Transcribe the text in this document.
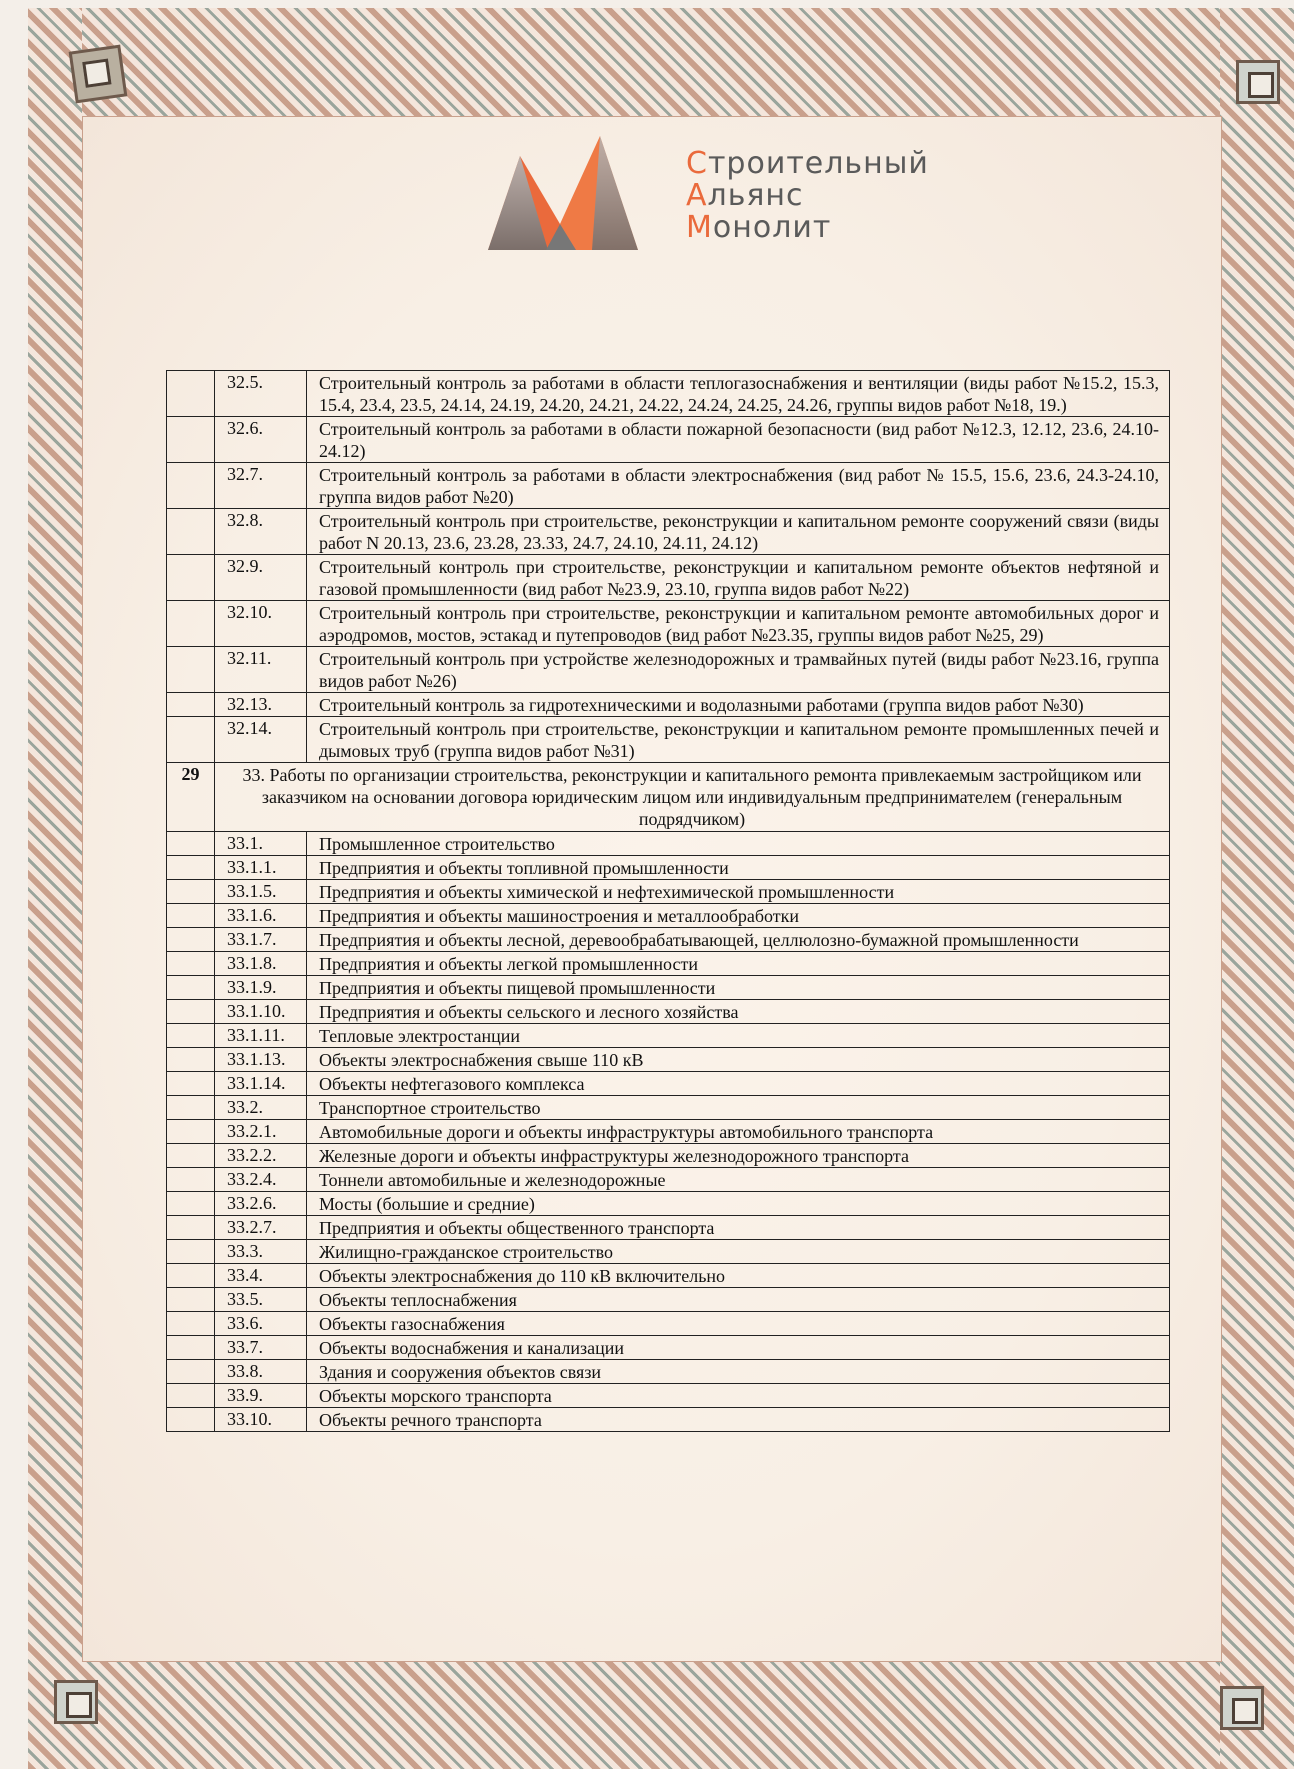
Строительный
Альянс
Монолит
	32.5.	Строительный контроль за работами в области теплогазоснабжения и вентиляции (виды работ №15.2, 15.3, 15.4, 23.4, 23.5, 24.14, 24.19, 24.20, 24.21, 24.22, 24.24, 24.25, 24.26, группы видов работ №18, 19.)
	32.6.	Строительный контроль за работами в области пожарной безопасности (вид работ №12.3, 12.12, 23.6, 24.10-24.12)
	32.7.	Строительный контроль за работами в области электроснабжения (вид работ № 15.5, 15.6, 23.6, 24.3-24.10, группа видов работ №20)
	32.8.	Строительный контроль при строительстве, реконструкции и капитальном ремонте сооружений связи (виды работ N 20.13, 23.6, 23.28, 23.33, 24.7, 24.10, 24.11, 24.12)
	32.9.	Строительный контроль при строительстве, реконструкции и капитальном ремонте объектов нефтяной и газовой промышленности (вид работ №23.9, 23.10, группа видов работ №22)
	32.10.	Строительный контроль при строительстве, реконструкции и капитальном ремонте автомобильных дорог и аэродромов, мостов, эстакад и путепроводов (вид работ №23.35, группы видов работ №25, 29)
	32.11.	Строительный контроль при устройстве железнодорожных и трамвайных путей (виды работ №23.16, группа видов работ №26)
	32.13.	Строительный контроль за гидротехническими и водолазными работами (группа видов работ №30)
	32.14.	Строительный контроль при строительстве, реконструкции и капитальном ремонте промышленных печей и дымовых труб (группа видов работ №31)
29	33. Работы по организации строительства, реконструкции и капитального ремонта привлекаемым застройщиком или заказчиком на основании договора юридическим лицом или индивидуальным предпринимателем (генеральным подрядчиком)	
	33.1.	Промышленное строительство
	33.1.1.	Предприятия и объекты топливной промышленности
	33.1.5.	Предприятия и объекты химической и нефтехимической промышленности
	33.1.6.	Предприятия и объекты машиностроения и металлообработки
	33.1.7.	Предприятия и объекты лесной, деревообрабатывающей, целлюлозно-бумажной промышленности
	33.1.8.	Предприятия и объекты легкой промышленности
	33.1.9.	Предприятия и объекты пищевой промышленности
	33.1.10.	Предприятия и объекты сельского и лесного хозяйства
	33.1.11.	Тепловые электростанции
	33.1.13.	Объекты электроснабжения свыше 110 кВ
	33.1.14.	Объекты нефтегазового комплекса
	33.2.	Транспортное строительство
	33.2.1.	Автомобильные дороги и объекты инфраструктуры автомобильного транспорта
	33.2.2.	Железные дороги и объекты инфраструктуры железнодорожного транспорта
	33.2.4.	Тоннели автомобильные и железнодорожные
	33.2.6.	Мосты (большие и средние)
	33.2.7.	Предприятия и объекты общественного транспорта
	33.3.	Жилищно-гражданское строительство
	33.4.	Объекты электроснабжения до 110 кВ включительно
	33.5.	Объекты теплоснабжения
	33.6.	Объекты газоснабжения
	33.7.	Объекты водоснабжения и канализации
	33.8.	Здания и сооружения объектов связи
	33.9.	Объекты морского транспорта
	33.10.	Объекты речного транспорта
